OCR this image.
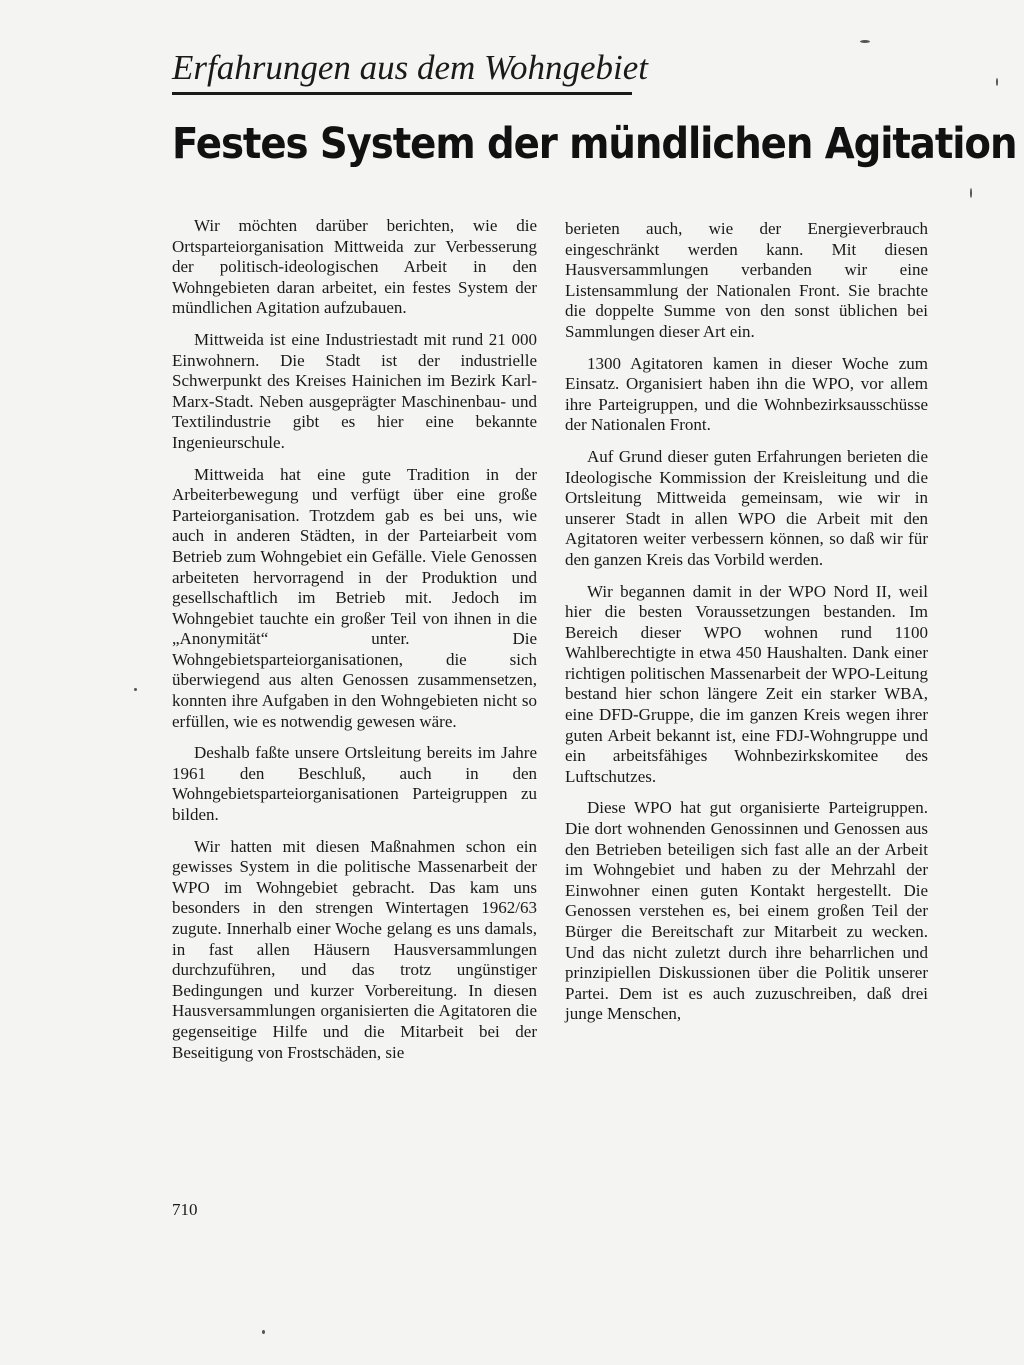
Erfahrungen aus dem Wohngebiet
Festes System der mündlichen Agitation

Wir möchten darüber berichten, wie die Ortsparteiorganisation Mittweida zur Verbesserung der politisch-ideologischen Arbeit in den Wohngebieten daran arbeitet, ein festes System der mündlichen Agitation aufzubauen.

Mittweida ist eine Industriestadt mit rund 21 000 Einwohnern. Die Stadt ist der industrielle Schwerpunkt des Kreises Hainichen im Bezirk Karl-Marx-Stadt. Neben ausgeprägter Maschinenbau- und Textilindustrie gibt es hier eine bekannte Ingenieurschule.

Mittweida hat eine gute Tradition in der Arbeiterbewegung und verfügt über eine große Parteiorganisation. Trotzdem gab es bei uns, wie auch in anderen Städten, in der Parteiarbeit vom Betrieb zum Wohngebiet ein Gefälle. Viele Genossen arbeiteten hervorragend in der Produktion und gesellschaftlich im Betrieb mit. Jedoch im Wohngebiet tauchte ein großer Teil von ihnen in die „Anonymität“ unter. Die Wohngebietsparteiorganisationen, die sich überwiegend aus alten Genossen zusammensetzen, konnten ihre Aufgaben in den Wohngebieten nicht so erfüllen, wie es notwendig gewesen wäre.

Deshalb faßte unsere Ortsleitung bereits im Jahre 1961 den Beschluß, auch in den Wohngebietsparteiorganisationen Parteigruppen zu bilden.

Wir hatten mit diesen Maßnahmen schon ein gewisses System in die politische Massenarbeit der WPO im Wohngebiet gebracht. Das kam uns besonders in den strengen Wintertagen 1962/63 zugute. Innerhalb einer Woche gelang es uns damals, in fast allen Häusern Hausversammlungen durchzuführen, und das trotz ungünstiger Bedingungen und kurzer Vorbereitung. In diesen Hausversammlungen organisierten die Agitatoren die gegenseitige Hilfe und die Mitarbeit bei der Beseitigung von Frostschäden, sie

berieten auch, wie der Energieverbrauch eingeschränkt werden kann. Mit diesen Hausversammlungen verbanden wir eine Listensammlung der Nationalen Front. Sie brachte die doppelte Summe von den sonst üblichen bei Sammlungen dieser Art ein.

1300 Agitatoren kamen in dieser Woche zum Einsatz. Organisiert haben ihn die WPO, vor allem ihre Parteigruppen, und die Wohnbezirksausschüsse der Nationalen Front.

Auf Grund dieser guten Erfahrungen berieten die Ideologische Kommission der Kreisleitung und die Ortsleitung Mittweida gemeinsam, wie wir in unserer Stadt in allen WPO die Arbeit mit den Agitatoren weiter verbessern können, so daß wir für den ganzen Kreis das Vorbild werden.

Wir begannen damit in der WPO Nord II, weil hier die besten Voraussetzungen bestanden. Im Bereich dieser WPO wohnen rund 1100 Wahlberechtigte in etwa 450 Haushalten. Dank einer richtigen politischen Massenarbeit der WPO-Leitung bestand hier schon längere Zeit ein starker WBA, eine DFD-Gruppe, die im ganzen Kreis wegen ihrer guten Arbeit bekannt ist, eine FDJ-Wohngruppe und ein arbeitsfähiges Wohnbezirkskomitee des Luftschutzes.

Diese WPO hat gut organisierte Parteigruppen. Die dort wohnenden Genossinnen und Genossen aus den Betrieben beteiligen sich fast alle an der Arbeit im Wohngebiet und haben zu der Mehrzahl der Einwohner einen guten Kontakt hergestellt. Die Genossen verstehen es, bei einem großen Teil der Bürger die Bereitschaft zur Mitarbeit zu wecken. Und das nicht zuletzt durch ihre beharrlichen und prinzipiellen Diskussionen über die Politik unserer Partei. Dem ist es auch zuzuschreiben, daß drei junge Menschen,

710
